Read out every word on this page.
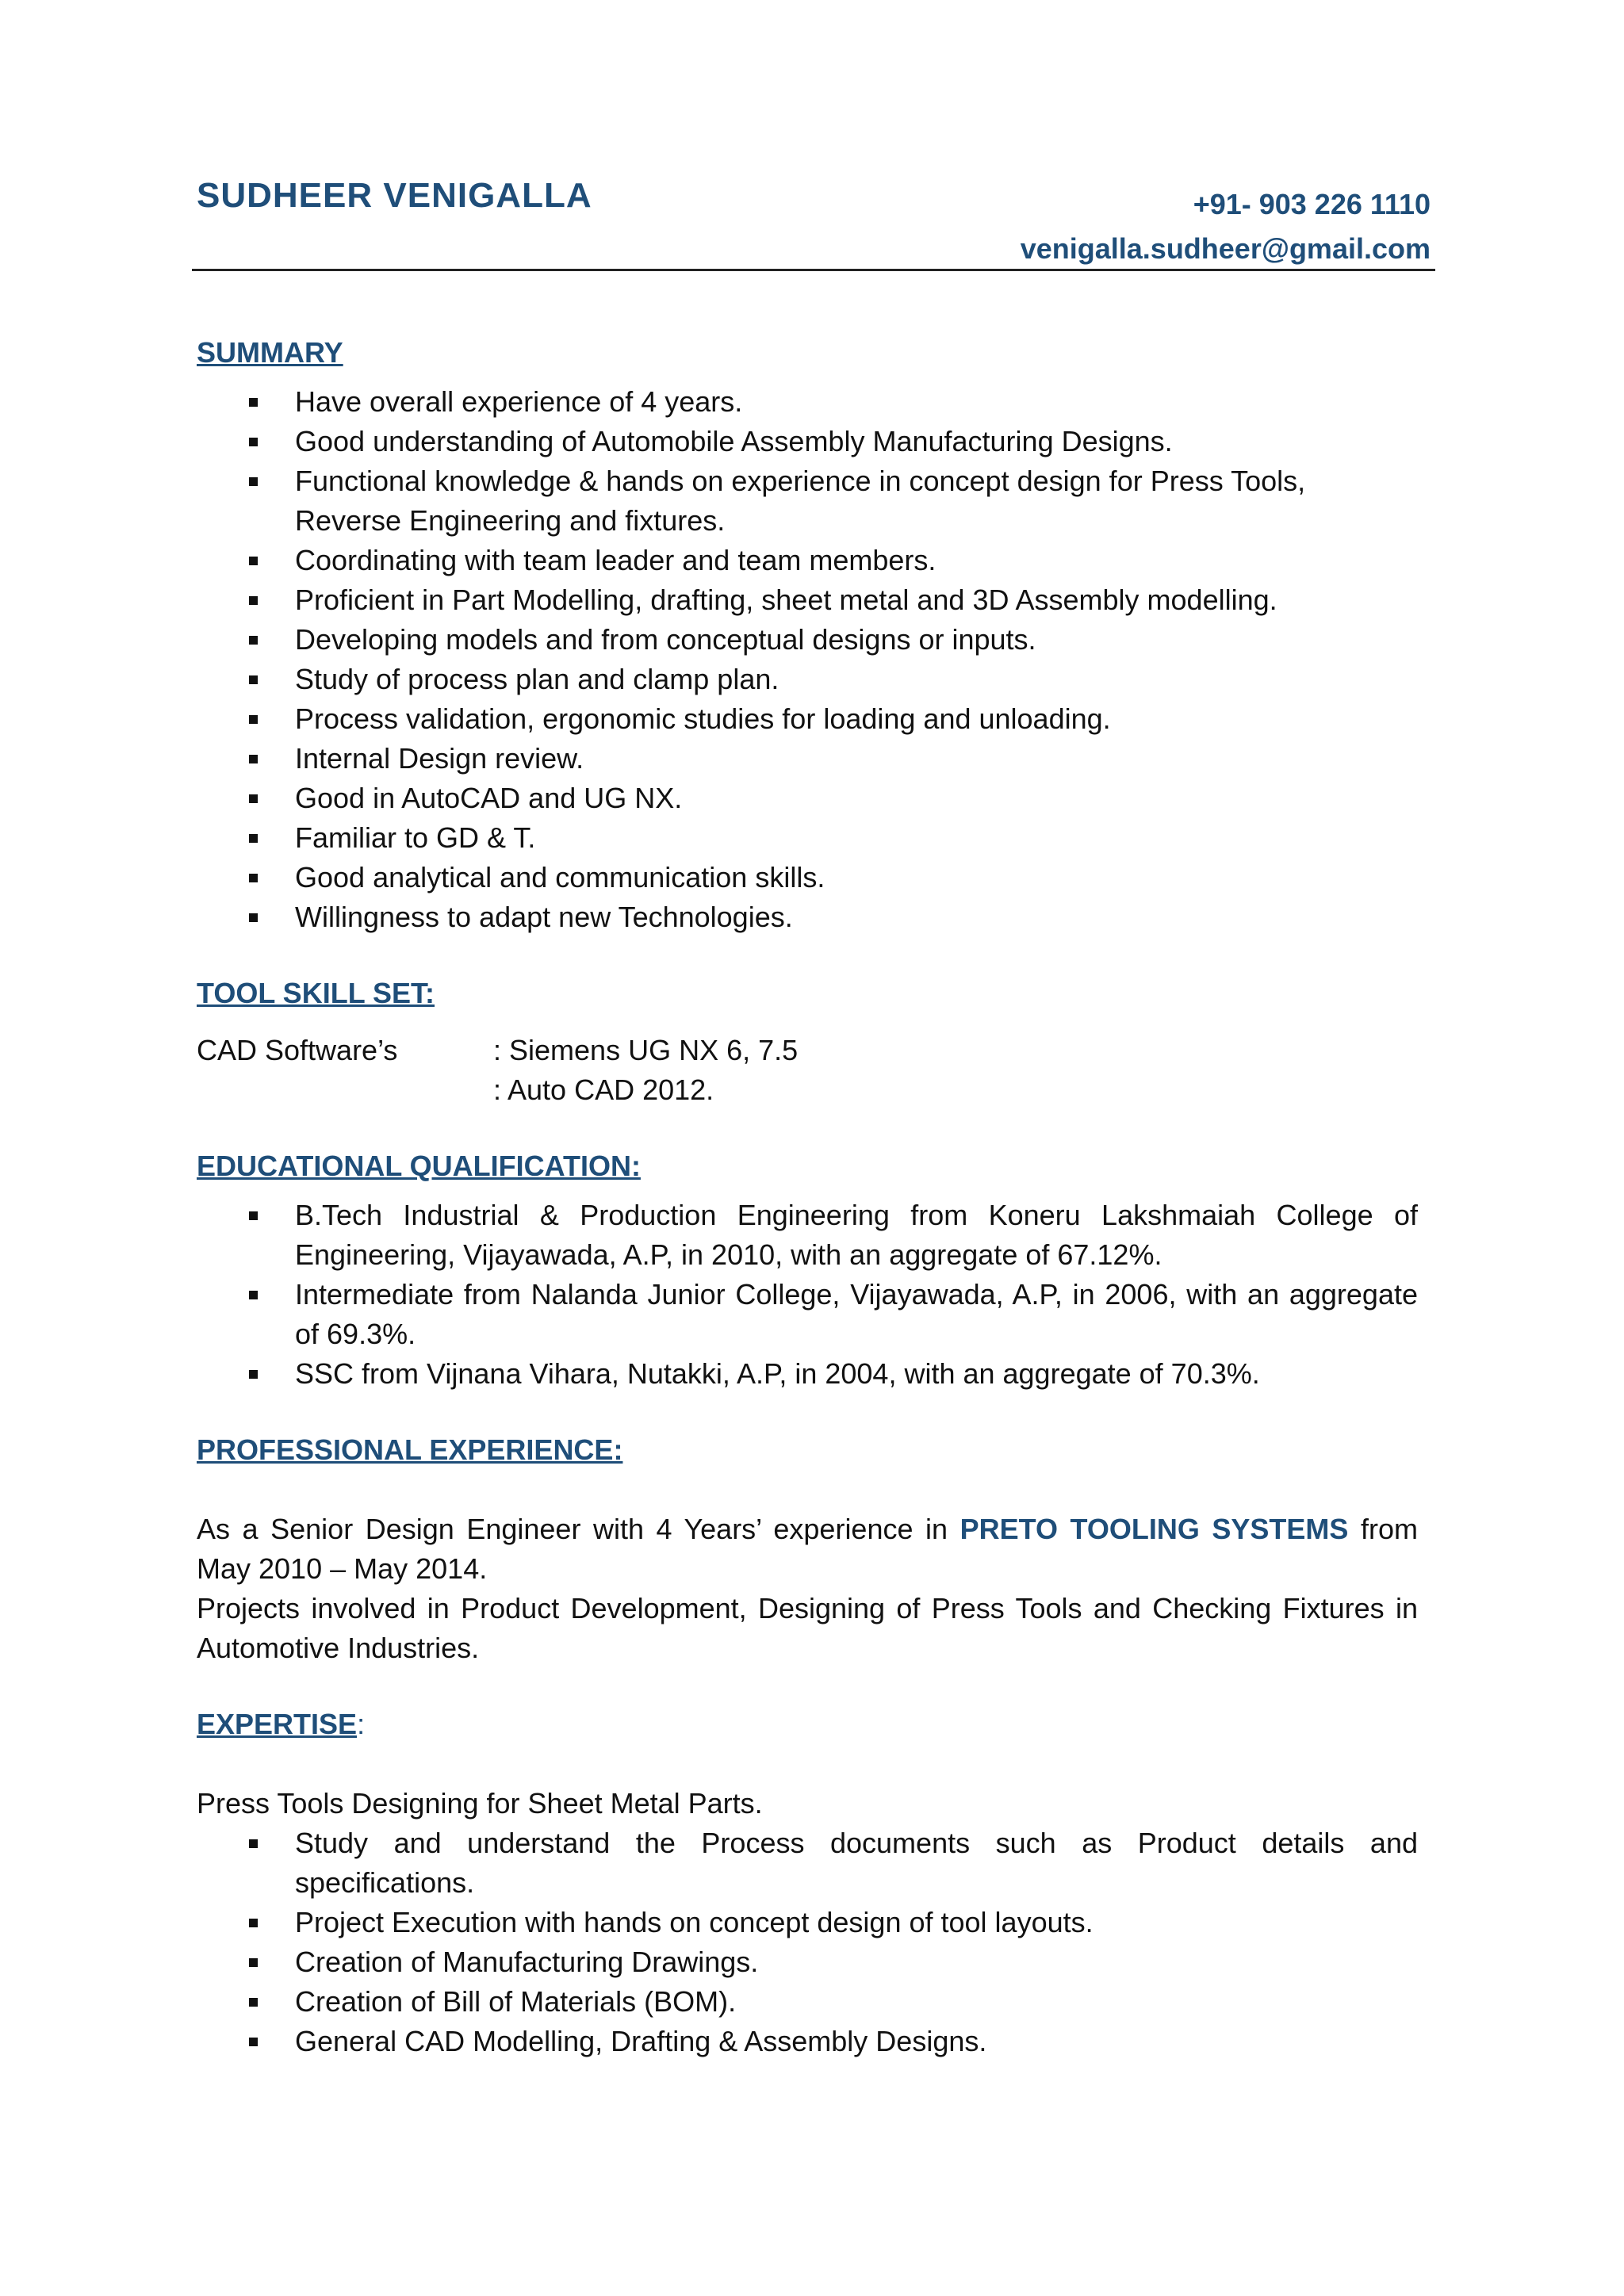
SUDHEER VENIGALLA	+91- 903 226 1110
venigalla.sudheer@gmail.com
SUMMARY
Have overall experience of 4 years.
Good understanding of Automobile Assembly Manufacturing Designs.
Functional knowledge & hands on experience in concept design for Press Tools, Reverse Engineering and fixtures.
Coordinating with team leader and team members.
Proficient in Part Modelling, drafting, sheet metal and 3D Assembly modelling.
Developing models and from conceptual designs or inputs.
Study of process plan and clamp plan.
Process validation, ergonomic studies for loading and unloading.
Internal Design review.
Good in AutoCAD and UG NX.
Familiar to GD & T.
Good analytical and communication skills.
Willingness to adapt new Technologies.
TOOL SKILL SET:
CAD Software’s	: Siemens UG NX 6, 7.5
: Auto CAD 2012.
EDUCATIONAL QUALIFICATION:
B.Tech Industrial & Production Engineering from Koneru Lakshmaiah College of Engineering, Vijayawada, A.P, in 2010, with an aggregate of 67.12%.
Intermediate from Nalanda Junior College, Vijayawada, A.P, in 2006, with an aggregate of 69.3%.
SSC from Vijnana Vihara, Nutakki, A.P, in 2004, with an aggregate of 70.3%.
PROFESSIONAL EXPERIENCE:

As a Senior Design Engineer with 4 Years’ experience in PRETO TOOLING SYSTEMS from May 2010 – May 2014.

Projects involved in Product Development, Designing of Press Tools and Checking Fixtures in Automotive Industries.

EXPERTISE:

Press Tools Designing for Sheet Metal Parts.

Study and understand the Process documents such as Product details and specifications.
Project Execution with hands on concept design of tool layouts.
Creation of Manufacturing Drawings.
Creation of Bill of Materials (BOM).
General CAD Modelling, Drafting & Assembly Designs.
